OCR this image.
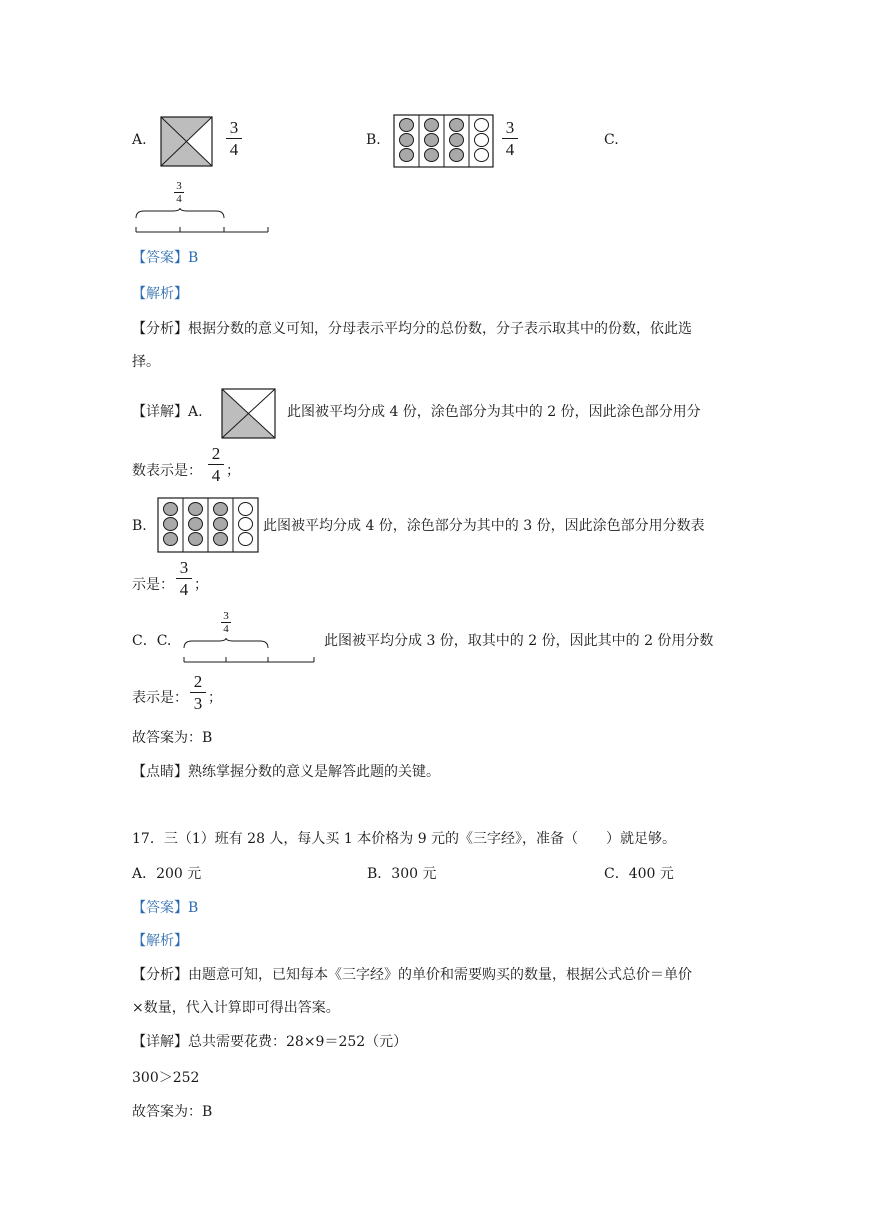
A.
3
4	B.
3
4	C.
3
4
【答案】B
【解析】
【分析】根据分数的意义可知，分母表示平均分的总份数，分子表示取其中的份数，依此选
择。
【详解】A.	此图被平均分成 4 份，涂色部分为其中的 2 份，因此涂色部分用分
数表示是：
2
4 ；
B.	此图被平均分成 4 份，涂色部分为其中的 3 份，因此涂色部分用分数表
示是：
3
4 ；
C．C.
3
4
此图被平均分成 3 份，取其中的 2 份，因此其中的 2 份用分数
表示是：
2
3 ；
故答案为：B
【点睛】熟练掌握分数的意义是解答此题的关键。
17．三（1）班有 28 人，每人买 1 本价格为 9 元的《三字经》，准备（　　）就足够。
A．200 元	B．300 元	C．400 元
【答案】B
【解析】
【分析】由题意可知，已知每本《三字经》的单价和需要购买的数量，根据公式总价＝单价
×数量，代入计算即可得出答案。
【详解】总共需要花费：28×9＝252（元）
300＞252
故答案为：B
